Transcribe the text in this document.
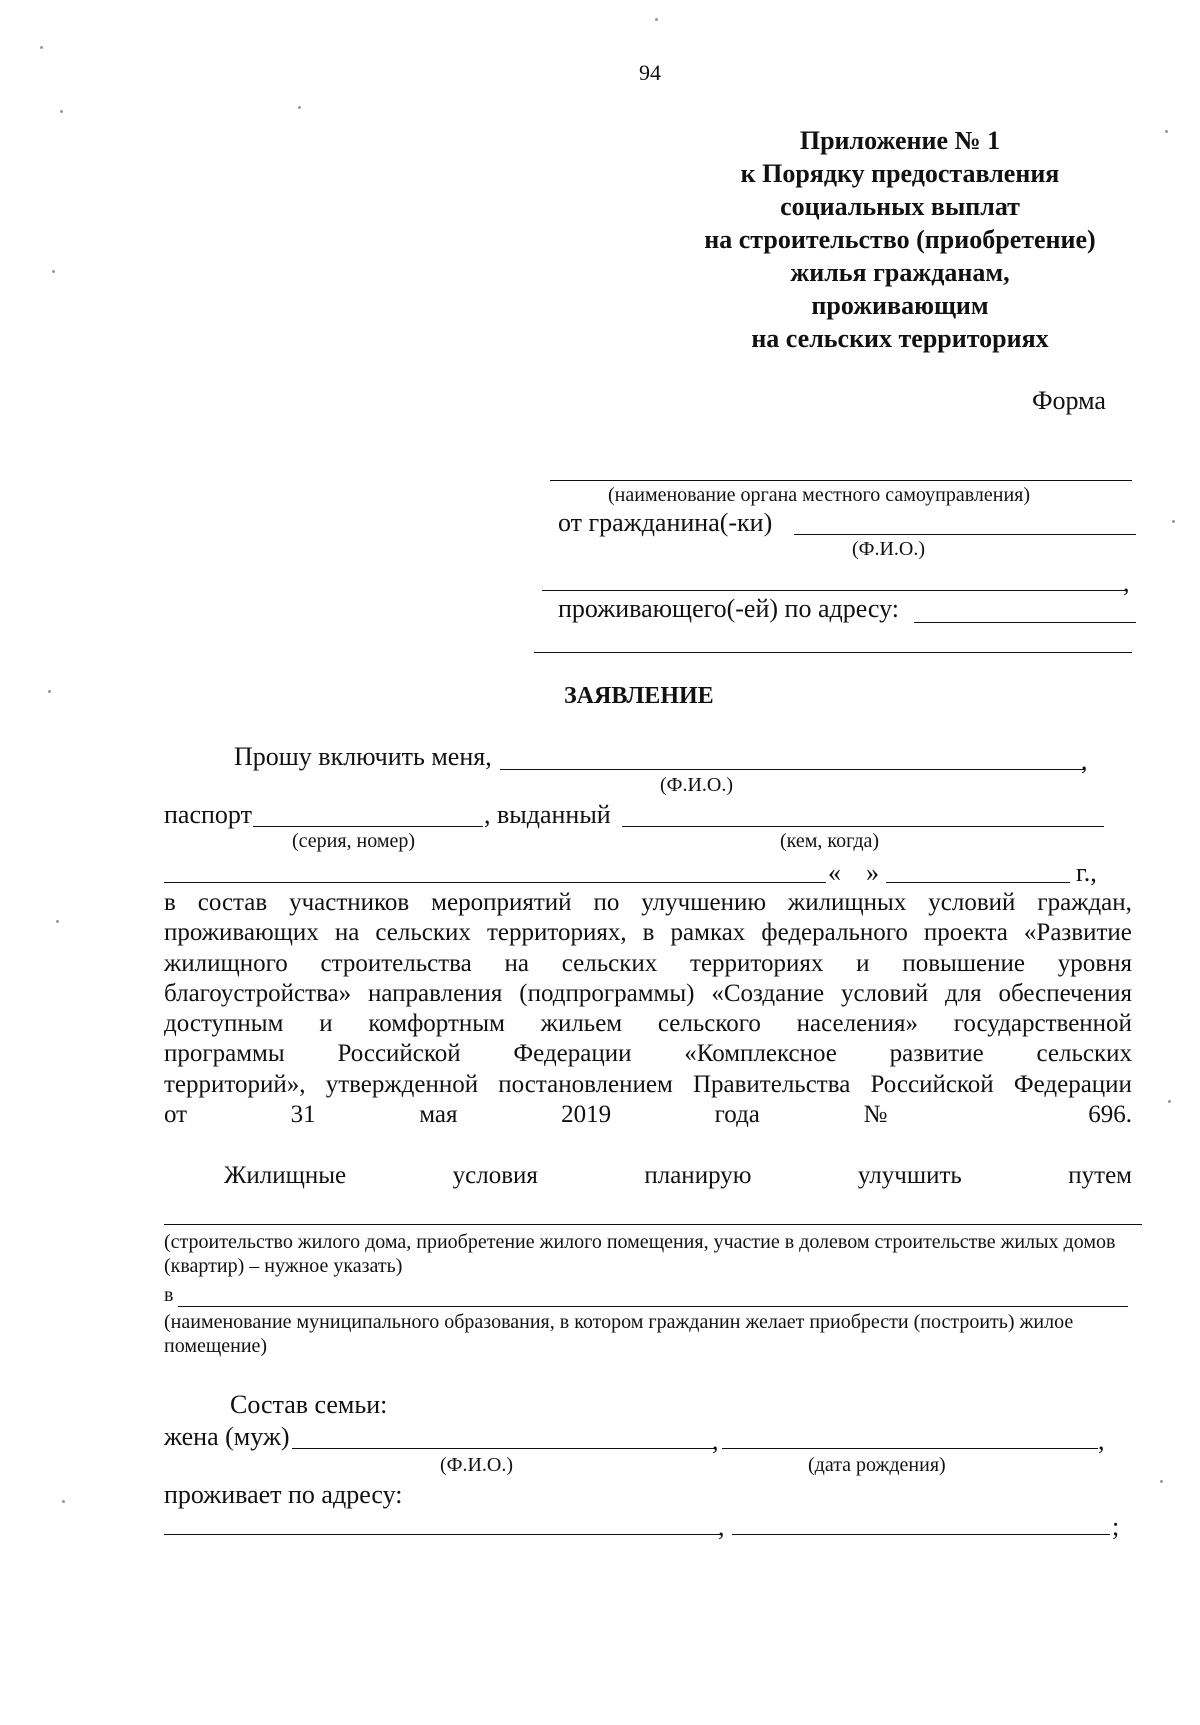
94
Приложение № 1
к Порядку предоставления
социальных выплат
на строительство (приобретение)
жилья гражданам,
проживающим
на сельских территориях
Форма
(наименование органа местного самоуправления)
от гражданина(-ки)
(Ф.И.О.)
,
проживающего(-ей) по адресу:
ЗАЯВЛЕНИЕ
Прошу включить меня,	,
(Ф.И.О.)
паспорт	, выданный
(серия, номер)	(кем, когда)
« »	г.,
в состав участников мероприятий по улучшению жилищных условий граждан,
проживающих на сельских территориях, в рамках федерального проекта «Развитие
жилищного строительства на сельских территориях и повышение уровня
благоустройства» направления (подпрограммы) «Создание условий для обеспечения
доступным и комфортным жильем сельского населения» государственной
программы Российской Федерации «Комплексное развитие сельских
территорий», утвержденной постановлением Правительства Российской Федерации
от 31 мая 2019 года № 696.
Жилищные	условия	планирую	улучшить	путем
(строительство жилого дома, приобретение жилого помещения, участие в долевом строительстве жилых домов (квартир) – нужное указать)
в
(наименование муниципального образования, в котором гражданин желает приобрести (построить) жилое помещение)
Состав семьи:
жена (муж)	,	,
(Ф.И.О.)	(дата рождения)
проживает по адресу:
,	;
